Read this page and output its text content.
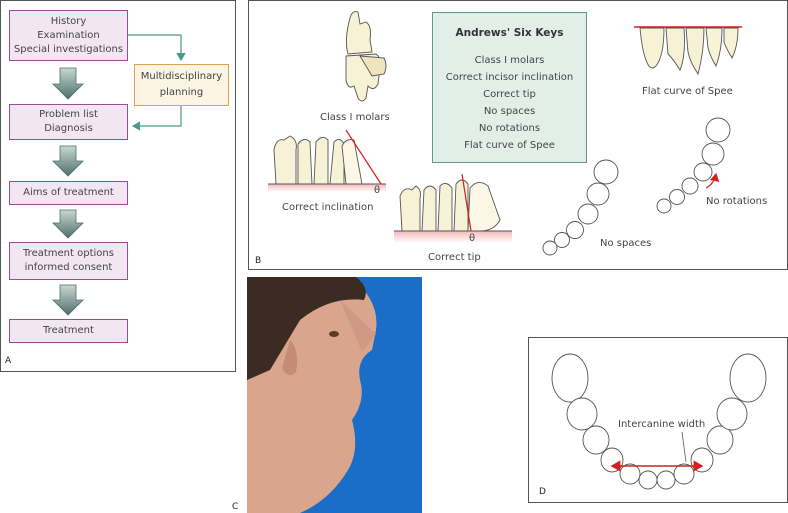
A
History
Examination
Special investigations
Problem list
Diagnosis
Aims of treatment
Treatment options
informed consent
Treatment
Multidisciplinary
planning
B
Andrews' Six Keys
Class I molars
Correct incisor inclination
Correct tip
No spaces
No rotations
Flat curve of Spee
Class I molars
Correct inclination
Correct tip
No spaces
No rotations
Flat curve of Spee
θ
θ
C
D
Intercanine width
